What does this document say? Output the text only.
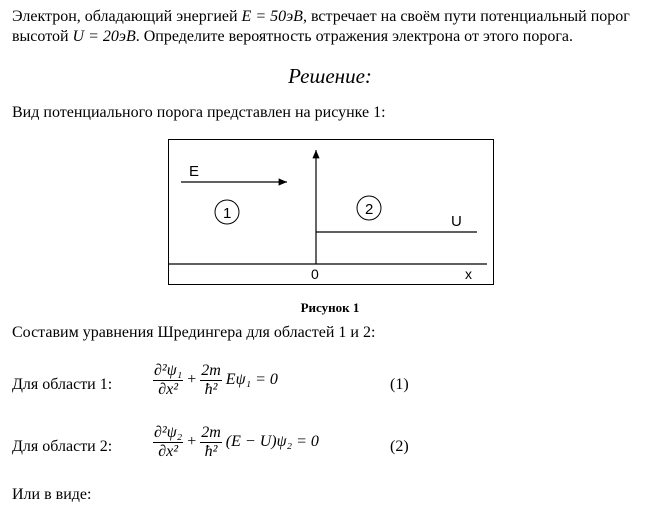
Электрон, обладающий энергией E = 50эВ, встречает на своём пути потенциальный порог
высотой U = 20эВ. Определите вероятность отражения электрона от этого порога.
Решение:
Вид потенциального порога представлен на рисунке 1:
E
1	2
U
0	x
Рисунок 1
Составим уравнения Шредингера для областей 1 и 2:
Для области 1:	$\frac{\text{∂²ψ₁}}{\text{∂x²}} + \frac{2m}{\text{ħ²}} E\psi_1 = 0$	(1)
Для области 2:	$\frac{\text{∂²ψ₂}}{\text{∂x²}} + \frac{2m}{\text{ħ²}} (E - U)\psi_2 = 0$	(2)
Или в виде:
